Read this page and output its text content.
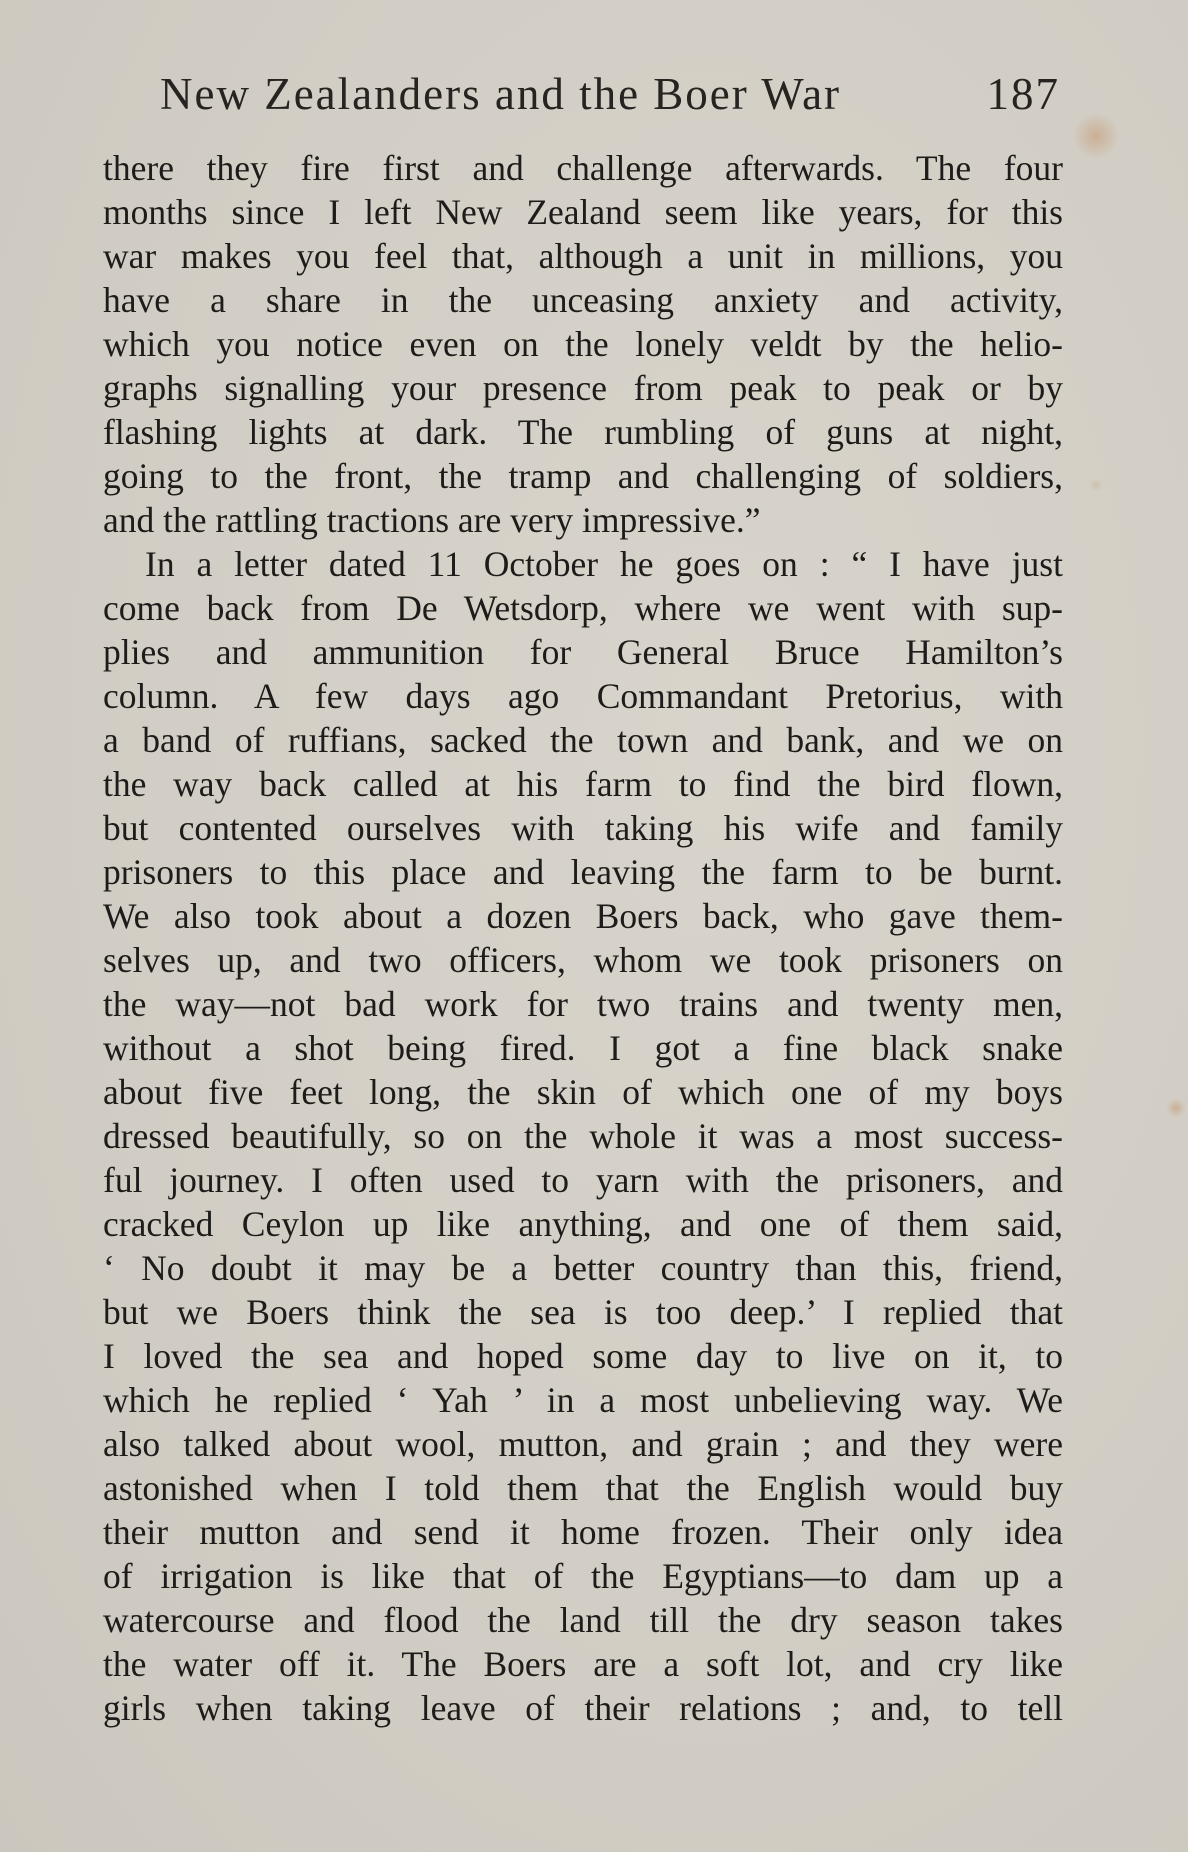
New Zealanders and the Boer War	187
there they fire first and challenge afterwards. The four
months since I left New Zealand seem like years, for this
war makes you feel that, although a unit in millions, you
have a share in the unceasing anxiety and activity,
which you notice even on the lonely veldt by the helio-
graphs signalling your presence from peak to peak or by
flashing lights at dark. The rumbling of guns at night,
going to the front, the tramp and challenging of soldiers,
and the rattling tractions are very impressive.”
In a letter dated 11 October he goes on : “ I have just
come back from De Wetsdorp, where we went with sup-
plies and ammunition for General Bruce Hamilton’s
column. A few days ago Commandant Pretorius, with
a band of ruffians, sacked the town and bank, and we on
the way back called at his farm to find the bird flown,
but contented ourselves with taking his wife and family
prisoners to this place and leaving the farm to be burnt.
We also took about a dozen Boers back, who gave them-
selves up, and two officers, whom we took prisoners on
the way—not bad work for two trains and twenty men,
without a shot being fired. I got a fine black snake
about five feet long, the skin of which one of my boys
dressed beautifully, so on the whole it was a most success-
ful journey. I often used to yarn with the prisoners, and
cracked Ceylon up like anything, and one of them said,
‘ No doubt it may be a better country than this, friend,
but we Boers think the sea is too deep.’ I replied that
I loved the sea and hoped some day to live on it, to
which he replied ‘ Yah ’ in a most unbelieving way. We
also talked about wool, mutton, and grain ; and they were
astonished when I told them that the English would buy
their mutton and send it home frozen. Their only idea
of irrigation is like that of the Egyptians—to dam up a
watercourse and flood the land till the dry season takes
the water off it. The Boers are a soft lot, and cry like
girls when taking leave of their relations ; and, to tell
